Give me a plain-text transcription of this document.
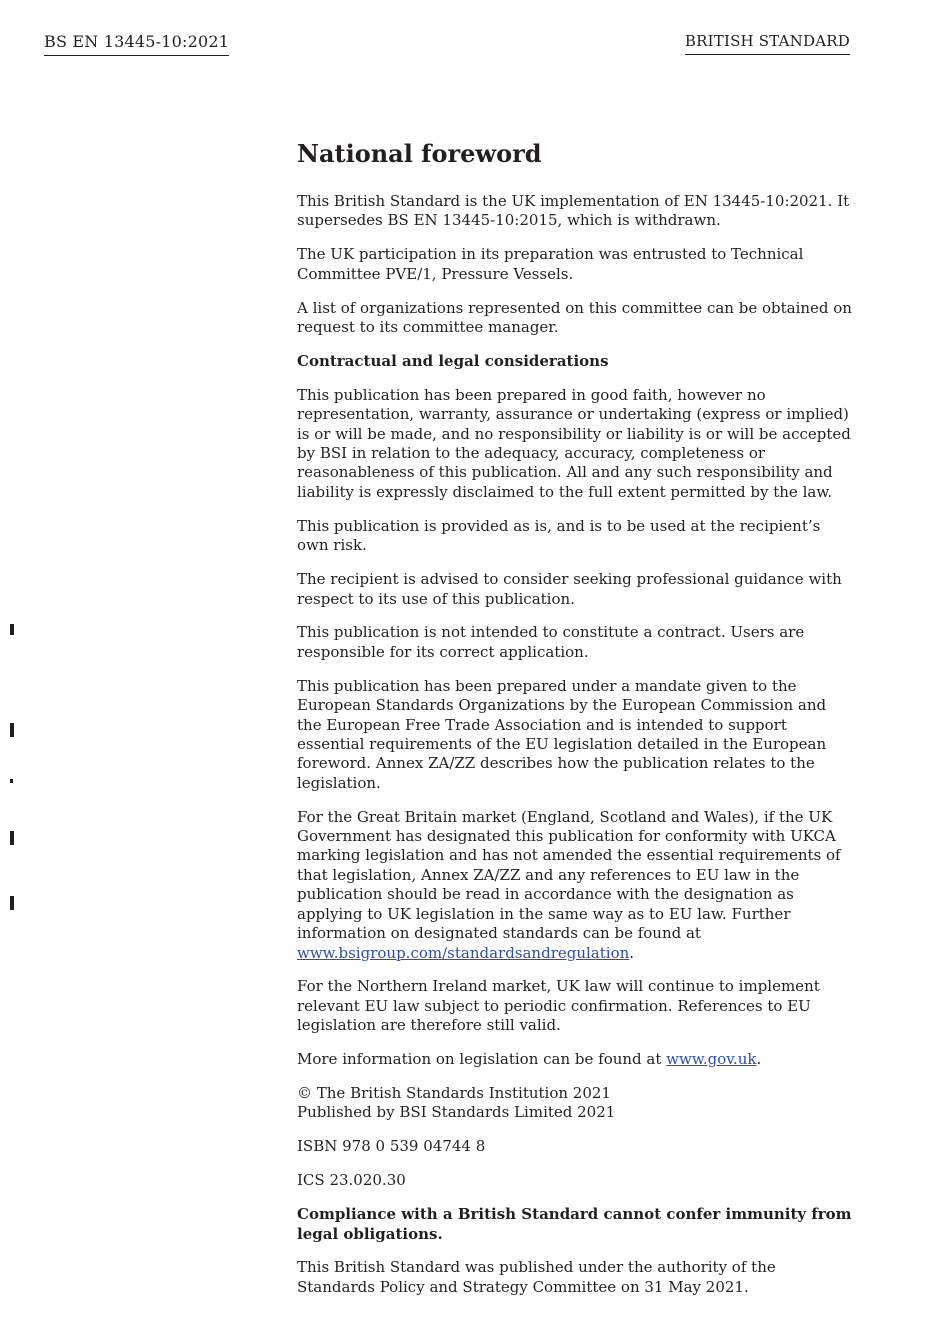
BS EN 13445-10:2021	BRITISH STANDARD
National foreword

This British Standard is the UK implementation of EN 13445-10:2021. It supersedes BS EN 13445-10:2015, which is withdrawn.

The UK participation in its preparation was entrusted to Technical Committee PVE/1, Pressure Vessels.

A list of organizations represented on this committee can be obtained on request to its committee manager.

Contractual and legal considerations

This publication has been prepared in good faith, however no representation, warranty, assurance or undertaking (express or implied) is or will be made, and no responsibility or liability is or will be accepted by BSI in relation to the adequacy, accuracy, completeness or reasonableness of this publication. All and any such responsibility and liability is expressly disclaimed to the full extent permitted by the law.

This publication is provided as is, and is to be used at the recipient’s own risk.

The recipient is advised to consider seeking professional guidance with respect to its use of this publication.

This publication is not intended to constitute a contract. Users are responsible for its correct application.

This publication has been prepared under a mandate given to the European Standards Organizations by the European Commission and the European Free Trade Association and is intended to support essential requirements of the EU legislation detailed in the European foreword. Annex ZA/ZZ describes how the publication relates to the legislation.

For the Great Britain market (England, Scotland and Wales), if the UK Government has designated this publication for conformity with UKCA marking legislation and has not amended the essential requirements of that legislation, Annex ZA/ZZ and any references to EU law in the publication should be read in accordance with the designation as applying to UK legislation in the same way as to EU law. Further information on designated standards can be found at
www.bsigroup.com/standardsandregulation.

For the Northern Ireland market, UK law will continue to implement relevant EU law subject to periodic confirmation. References to EU legislation are therefore still valid.

More information on legislation can be found at www.gov.uk.

© The British Standards Institution 2021
Published by BSI Standards Limited 2021

ISBN 978 0 539 04744 8

ICS 23.020.30

Compliance with a British Standard cannot confer immunity from legal obligations.

This British Standard was published under the authority of the Standards Policy and Strategy Committee on 31 May 2021.
